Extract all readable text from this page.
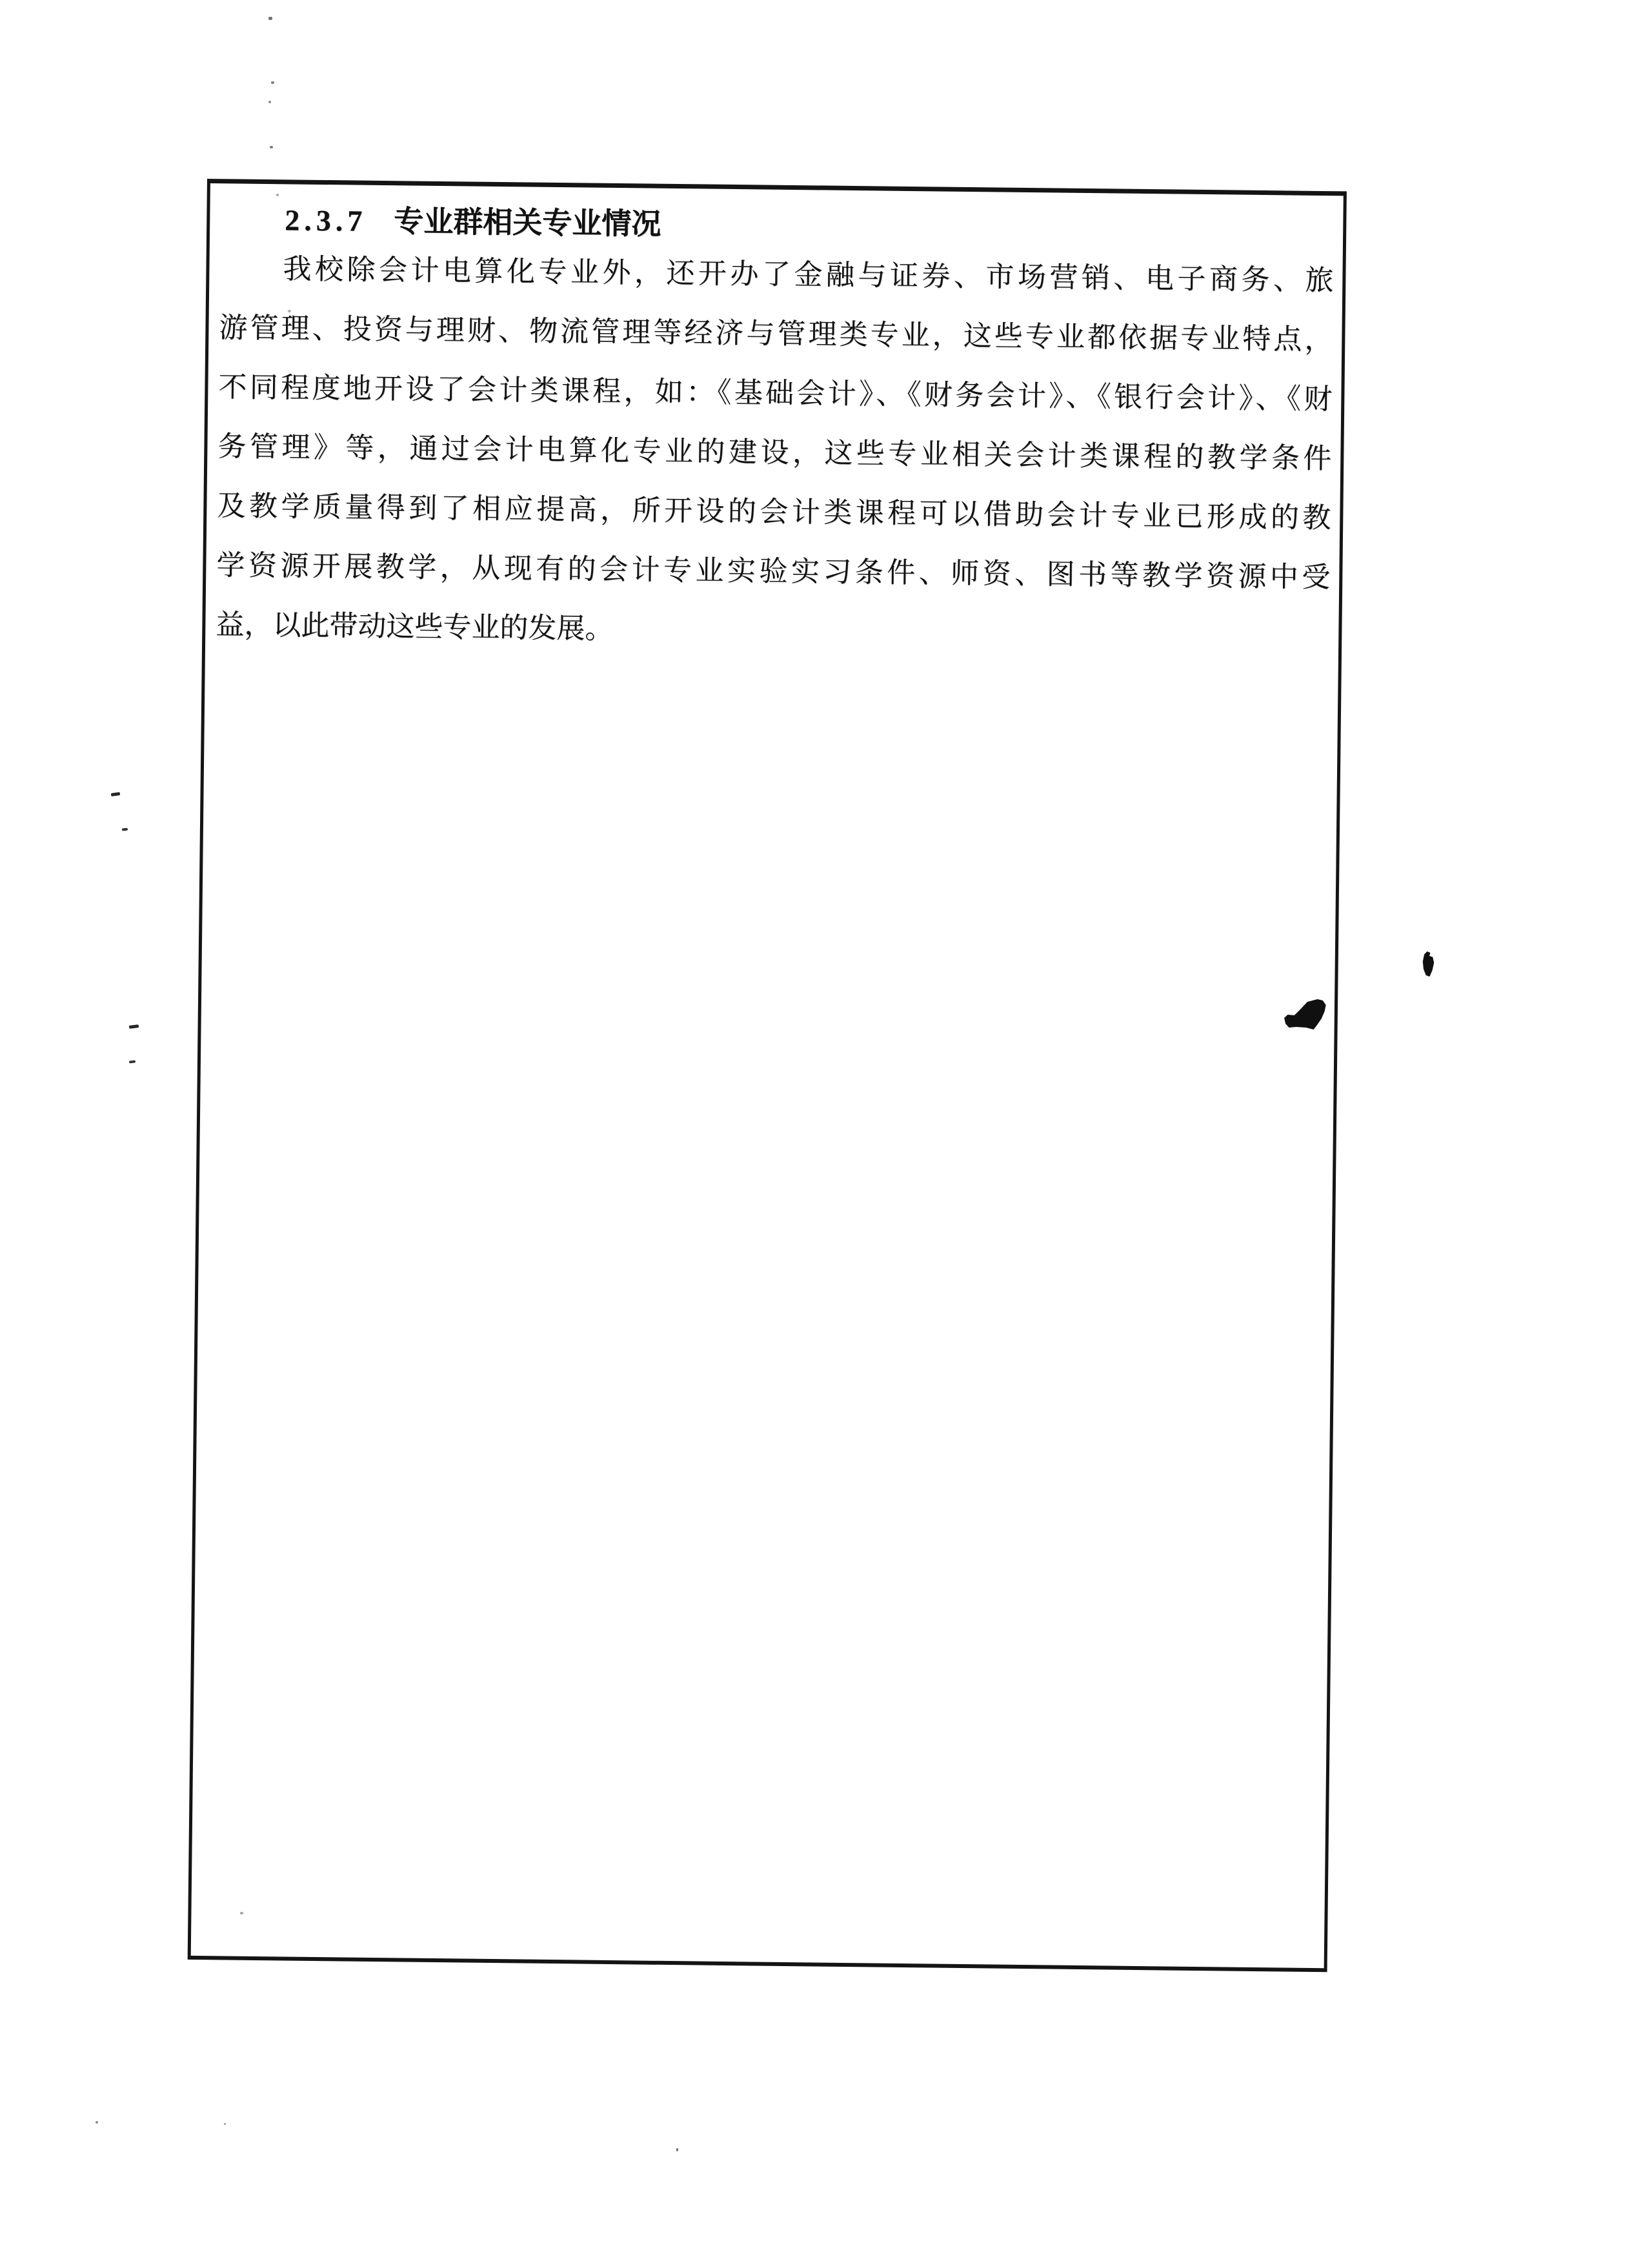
2.3.7 专业群相关专业情况
我校除会计电算化专业外，还开办了金融与证券、市场营销、电子商务、旅
游管理、投资与理财、物流管理等经济与管理类专业，这些专业都依据专业特点，
不同程度地开设了会计类课程，如：《基础会计》、《财务会计》、《银行会计》、《财
务管理》等，通过会计电算化专业的建设，这些专业相关会计类课程的教学条件
及教学质量得到了相应提高，所开设的会计类课程可以借助会计专业已形成的教
学资源开展教学，从现有的会计专业实验实习条件、师资、图书等教学资源中受
益，以此带动这些专业的发展。
